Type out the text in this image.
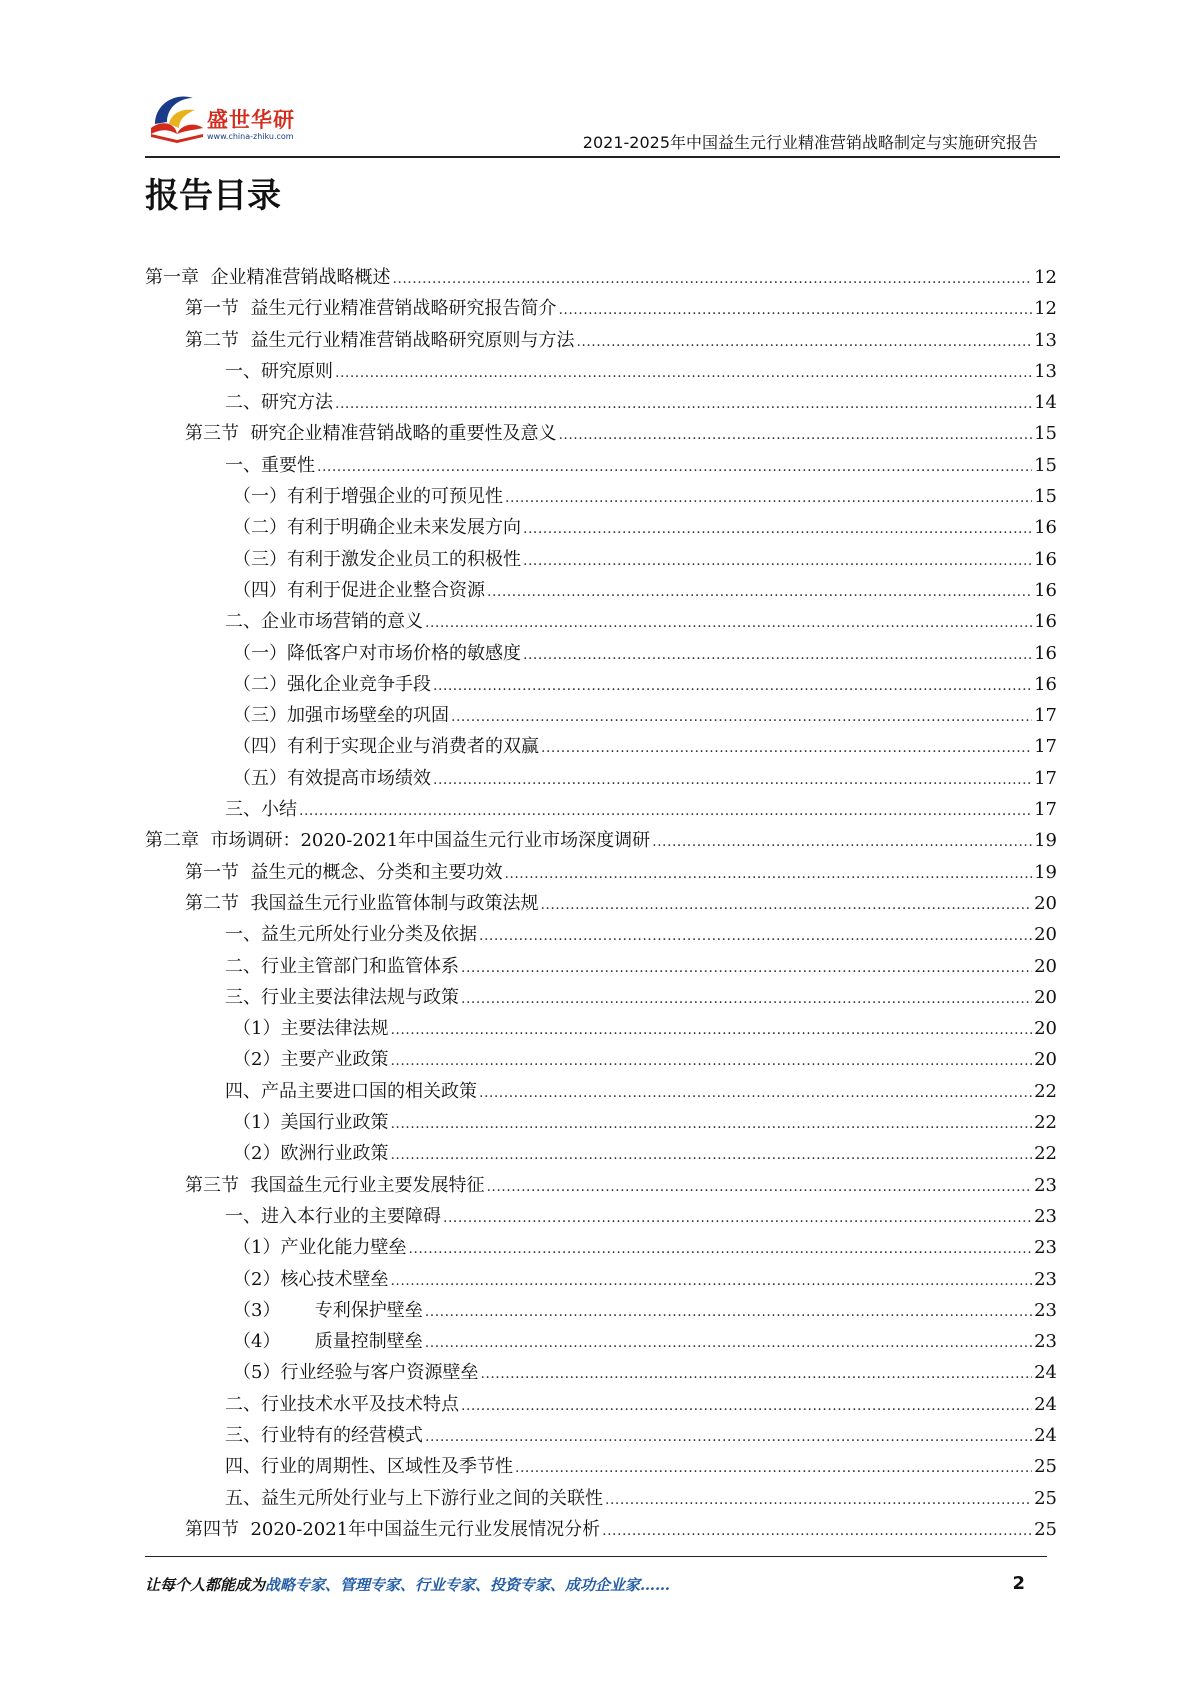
盛世华研
www.china-zhiku.com	2021-2025年中国益生元行业精准营销战略制定与实施研究报告
报告目录
第一章  企业精准营销战略概述 .....	12
第一节  益生元行业精准营销战略研究报告简介 .....	12
第二节  益生元行业精准营销战略研究原则与方法 .....	13
一、研究原则 .....	13
二、研究方法 .....	14
第三节  研究企业精准营销战略的重要性及意义 .....	15
一、重要性 .....	15
（一）有利于增强企业的可预见性 .....	15
（二）有利于明确企业未来发展方向 .....	16
（三）有利于激发企业员工的积极性 .....	16
（四）有利于促进企业整合资源 .....	16
二、企业市场营销的意义 .....	16
（一）降低客户对市场价格的敏感度 .....	16
（二）强化企业竞争手段 .....	16
（三）加强市场壁垒的巩固 .....	17
（四）有利于实现企业与消费者的双赢 .....	17
（五）有效提高市场绩效 .....	17
三、小结 .....	17
第二章  市场调研：2020-2021年中国益生元行业市场深度调研 .....	19
第一节  益生元的概念、分类和主要功效 .....	19
第二节  我国益生元行业监管体制与政策法规 .....	20
一、益生元所处行业分类及依据 .....	20
二、行业主管部门和监管体系 .....	20
三、行业主要法律法规与政策 .....	20
（1）主要法律法规 .....	20
（2）主要产业政策 .....	20
四、产品主要进口国的相关政策 .....	22
（1）美国行业政策 .....	22
（2）欧洲行业政策 .....	22
第三节  我国益生元行业主要发展特征 .....	23
一、进入本行业的主要障碍 .....	23
（1）产业化能力壁垒 .....	23
（2）核心技术壁垒 .....	23
（3）      专利保护壁垒 .....	23
（4）      质量控制壁垒 .....	23
（5）行业经验与客户资源壁垒 .....	24
二、行业技术水平及技术特点 .....	24
三、行业特有的经营模式 .....	24
四、行业的周期性、区域性及季节性 .....	25
五、益生元所处行业与上下游行业之间的关联性 .....	25
第四节  2020-2021年中国益生元行业发展情况分析 .....	25
让每个人都能成为战略专家、管理专家、行业专家、投资专家、成功企业家……	2
